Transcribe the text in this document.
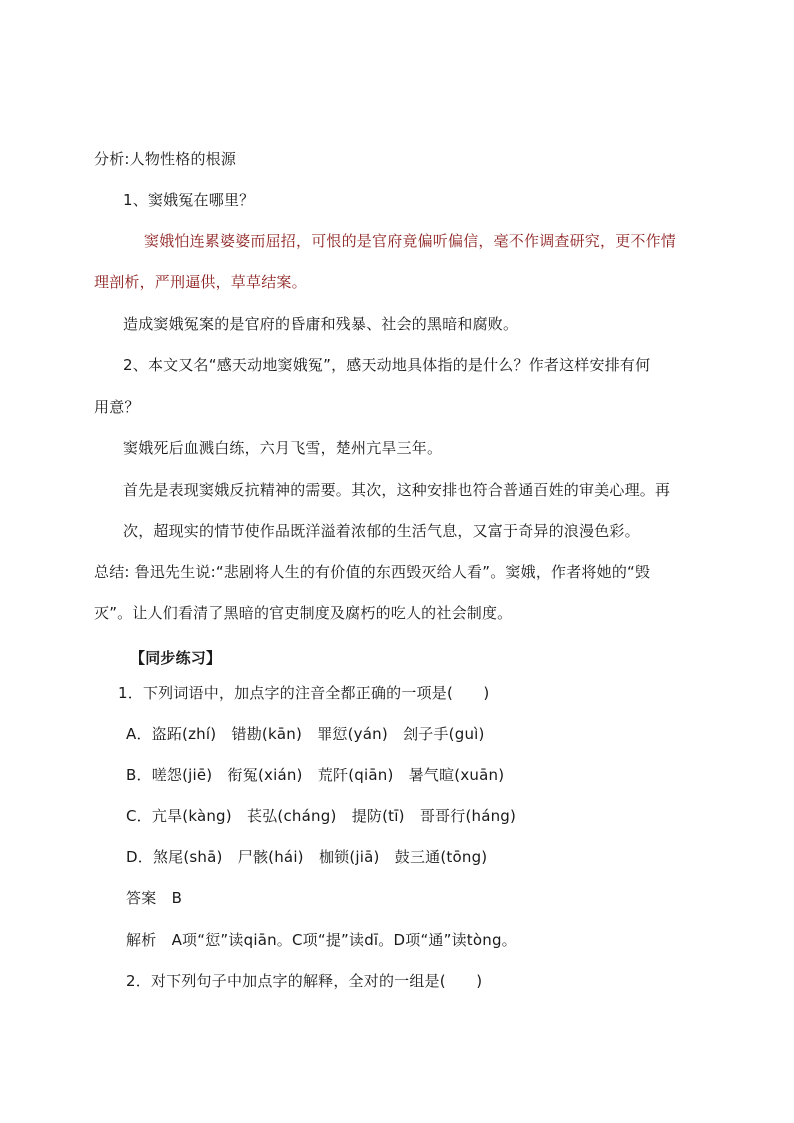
分析:人物性格的根源
1、窦娥冤在哪里？
窦娥怕连累婆婆而屈招，可恨的是官府竟偏听偏信，毫不作调查研究，更不作情
理剖析，严刑逼供，草草结案。
造成窦娥冤案的是官府的昏庸和残暴、社会的黑暗和腐败。
2、本文又名“感天动地窦娥冤”，感天动地具体指的是什么？作者这样安排有何
用意？
窦娥死后血溅白练，六月飞雪，楚州亢旱三年。
首先是表现窦娥反抗精神的需要。其次，这种安排也符合普通百姓的审美心理。再
次，超现实的情节使作品既洋溢着浓郁的生活气息，又富于奇异的浪漫色彩。
总结: 鲁迅先生说:“悲剧将人生的有价值的东西毁灭给人看”。窦娥，作者将她的“毁
灭”。让人们看清了黑暗的官吏制度及腐朽的吃人的社会制度。
【同步练习】
1．下列词语中，加点字的注音全都正确的一项是(　　)
A．盗跖(zhí)　错勘(kān)　罪愆(yán)　刽子手(guì)
B．嗟怨(jiē)　衔冤(xián)　荒阡(qiān)　暑气暄(xuān)
C．亢旱(kàng)　苌弘(cháng)　提防(tī)　哥哥行(háng)
D．煞尾(shā)　尸骸(hái)　枷锁(jiā)　鼓三通(tōng)
答案　B
解析　A项“愆”读qiān。C项“提”读dī。D项“通”读tòng。
2．对下列句子中加点字的解释，全对的一组是(　　)
